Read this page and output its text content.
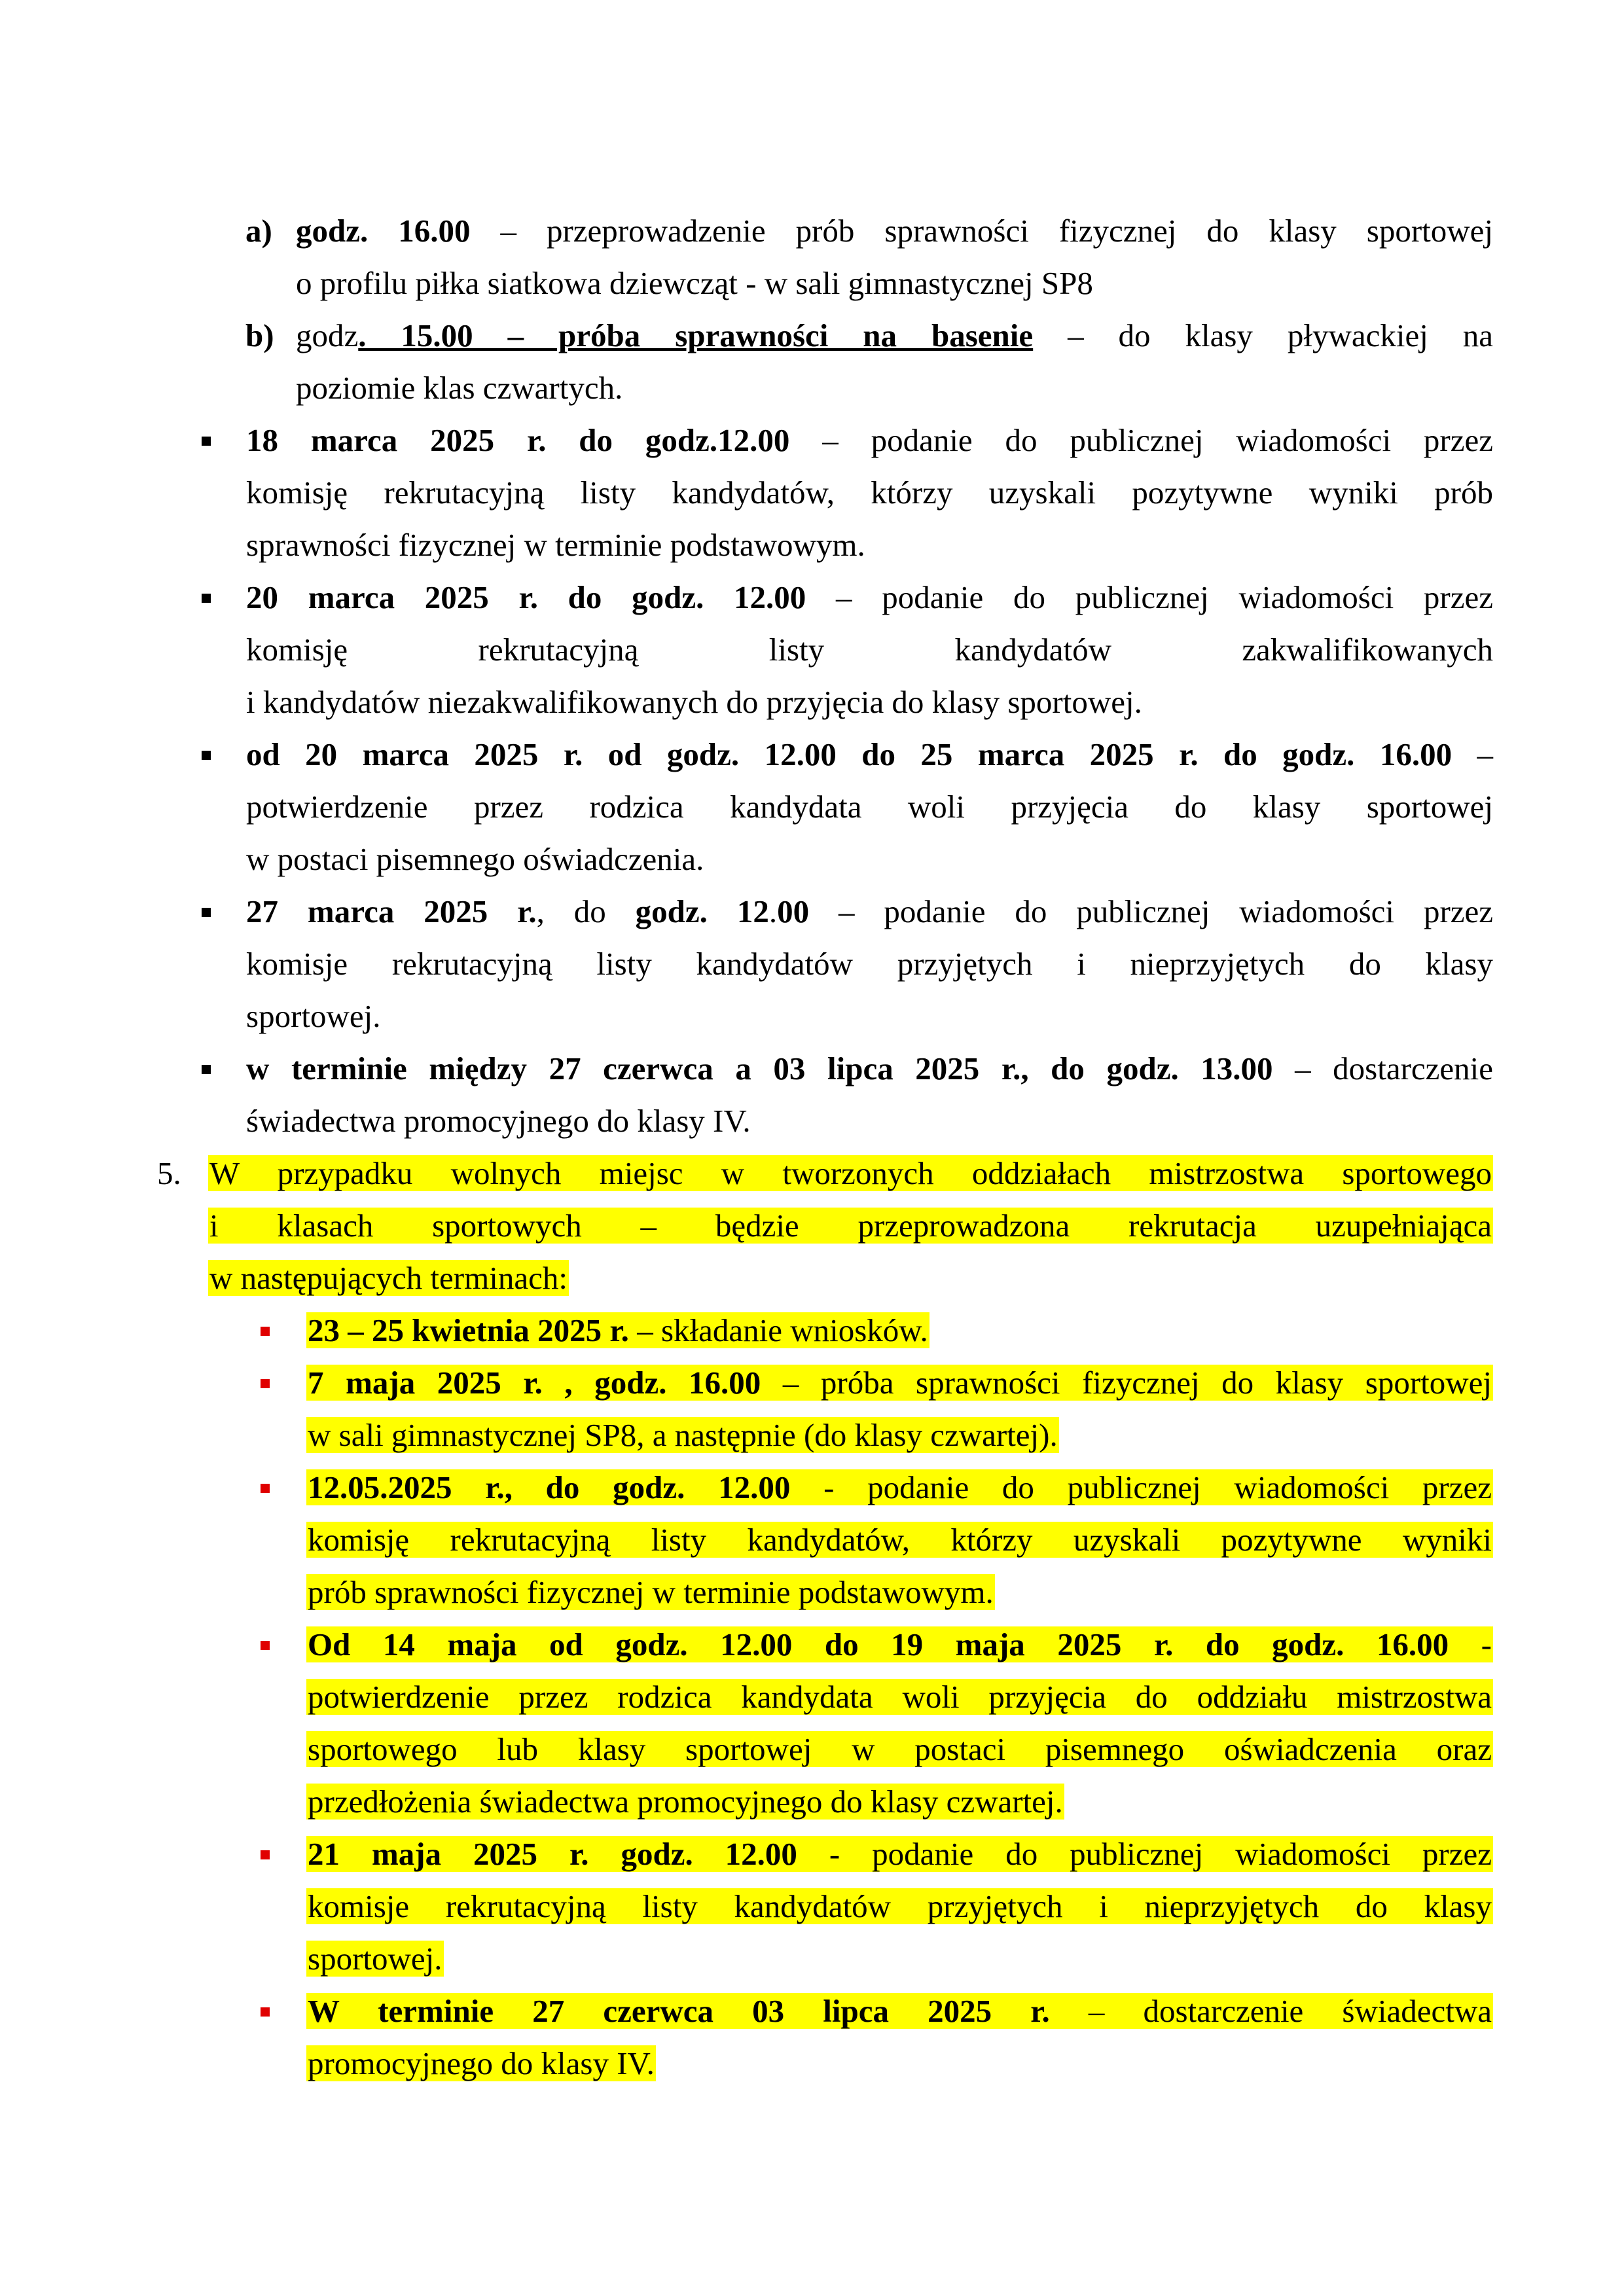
a) godz. 16.00 – przeprowadzenie prób sprawności fizycznej do klasy sportowej
o profilu piłka siatkowa dziewcząt - w sali gimnastycznej SP8
b) godz. 15.00 – próba sprawności na basenie – do klasy pływackiej na
poziomie klas czwartych.
18 marca 2025 r. do godz.12.00 – podanie do publicznej wiadomości przez
komisję rekrutacyjną listy kandydatów, którzy uzyskali pozytywne wyniki prób
sprawności fizycznej w terminie podstawowym.
20 marca 2025 r. do godz. 12.00 – podanie do publicznej wiadomości przez
komisję rekrutacyjną listy kandydatów zakwalifikowanych
i kandydatów niezakwalifikowanych do przyjęcia do klasy sportowej.
od 20 marca 2025 r. od godz. 12.00 do 25 marca 2025 r. do godz. 16.00 –
potwierdzenie przez rodzica kandydata woli przyjęcia do klasy sportowej
w postaci pisemnego oświadczenia.
27 marca 2025 r., do godz. 12.00 – podanie do publicznej wiadomości przez
komisje rekrutacyjną listy kandydatów przyjętych i nieprzyjętych do klasy
sportowej.
w terminie między 27 czerwca a 03 lipca 2025 r., do godz. 13.00 – dostarczenie
świadectwa promocyjnego do klasy IV.
5. W przypadku wolnych miejsc w tworzonych oddziałach mistrzostwa sportowego
i klasach sportowych – będzie przeprowadzona rekrutacja uzupełniająca
w następujących terminach:
23 – 25 kwietnia 2025 r. – składanie wniosków.
7 maja 2025 r. , godz. 16.00 – próba sprawności fizycznej do klasy sportowej
w sali gimnastycznej SP8, a następnie (do klasy czwartej).
12.05.2025 r., do godz. 12.00 - podanie do publicznej wiadomości przez
komisję rekrutacyjną listy kandydatów, którzy uzyskali pozytywne wyniki
prób sprawności fizycznej w terminie podstawowym.
Od 14 maja od godz. 12.00 do 19 maja 2025 r. do godz. 16.00 -
potwierdzenie przez rodzica kandydata woli przyjęcia do oddziału mistrzostwa
sportowego lub klasy sportowej w postaci pisemnego oświadczenia oraz
przedłożenia świadectwa promocyjnego do klasy czwartej.
21 maja 2025 r. godz. 12.00 - podanie do publicznej wiadomości przez
komisje rekrutacyjną listy kandydatów przyjętych i nieprzyjętych do klasy
sportowej.
W terminie 27 czerwca 03 lipca 2025 r. – dostarczenie świadectwa
promocyjnego do klasy IV.
